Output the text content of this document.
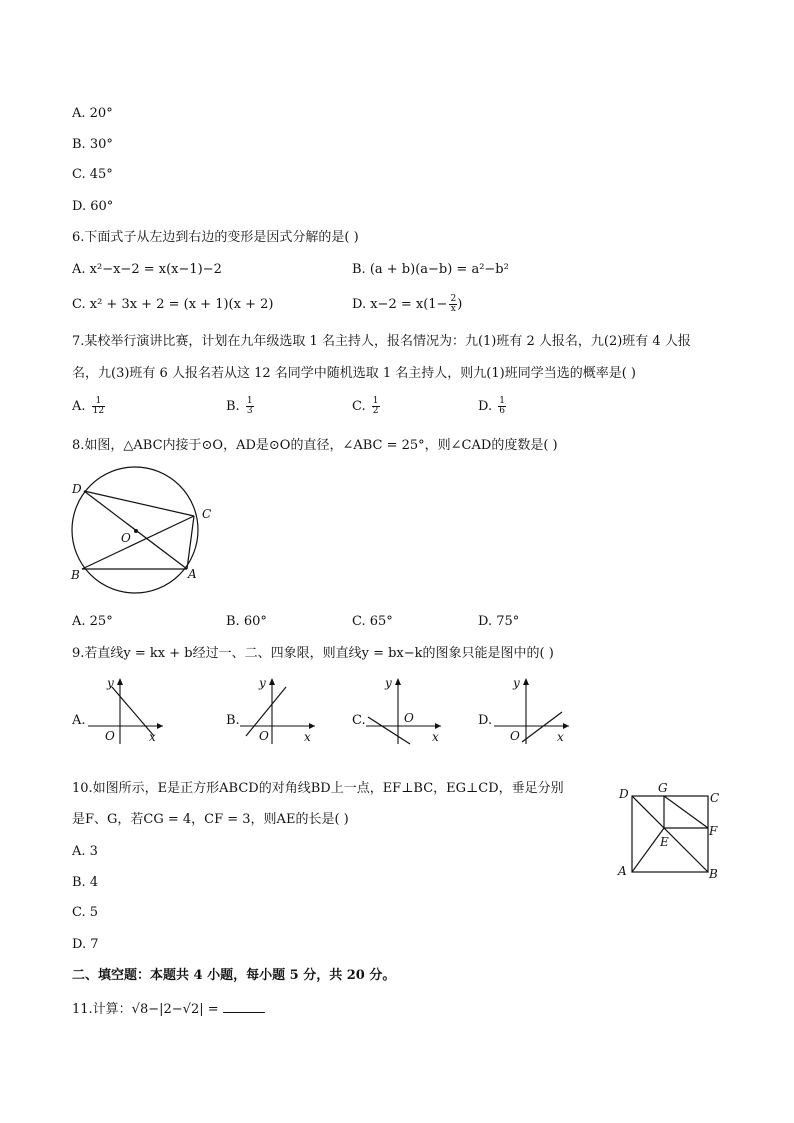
A. 20°
B. 30°
C. 45°
D. 60°
6.下面式子从左边到右边的变形是因式分解的是( )
A. x²−x−2 = x(x−1)−2	B. (a + b)(a−b) = a²−b²
C. x² + 3x + 2 = (x + 1)(x + 2)	D. $x-2 = x(1- \frac{2}{x}$ )
7.某校举行演讲比赛，计划在九年级选取 1 名主持人，报名情况为：九(1)班有 2 人报名，九(2)班有 4 人报
名，九(3)班有 6 人报名若从这 12 名同学中随机选取 1 名主持人，则九(1)班同学当选的概率是( )
A. $\frac{1}{12}$	B. $\frac{1}{3}$	C. $\frac{1}{2}$	D. $\frac{1}{6}$
8.如图，△ABC内接于⊙O，AD是⊙O的直径，∠ABC = 25°，则∠CAD的度数是( )
D
C
O
B	A
A. 25°	B. 60°	C. 65°	D. 75°
9.若直线y = kx + b经过一、二、四象限，则直线y = bx−k的图象只能是图中的( )
A.
y
O	x
B.
y
O	x
C.
y
O
x
D.
y
O	x
10.如图所示，E是正方形ABCD的对角线BD上一点，EF⊥BC，EG⊥CD，垂足分别
是F、G，若CG = 4，CF = 3，则AE的长是( )
A. 3
B. 4
C. 5
D. 7
D G
C
F
E
A	B
二、填空题：本题共 4 小题，每小题 5 分，共 20 分。
11.计算：√8−|2−√2| =
